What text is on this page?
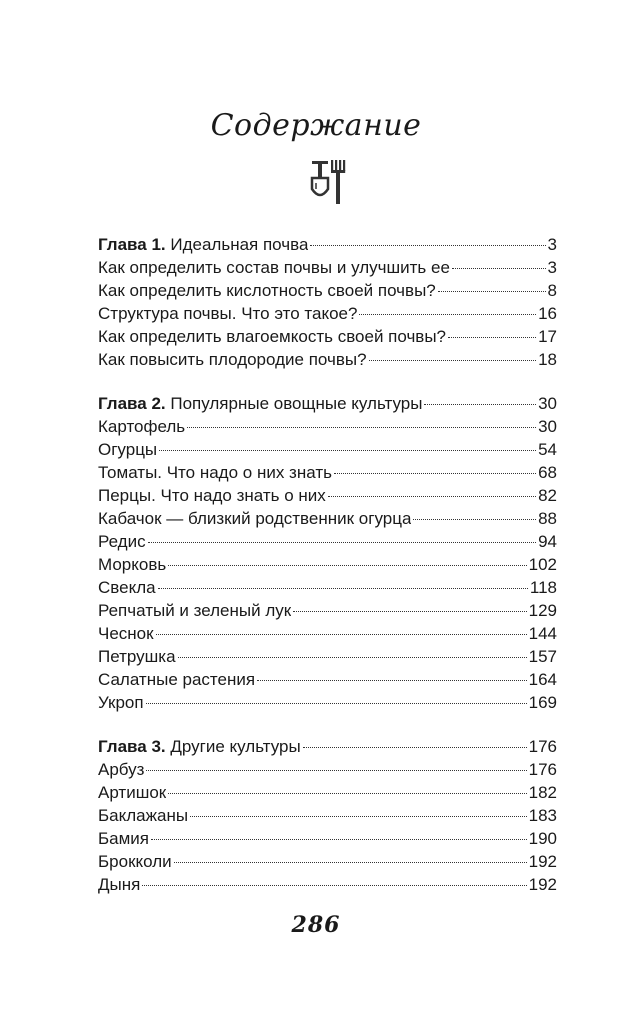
Содержание
Глава 1. Идеальная почва	3
Как определить состав почвы и улучшить ее	3
Как определить кислотность своей почвы?	8
Структура почвы. Что это такое?	16
Как определить влагоемкость своей почвы?	17
Как повысить плодородие почвы?	18
Глава 2. Популярные овощные культуры	30
Картофель	30
Огурцы	54
Томаты. Что надо о них знать	68
Перцы. Что надо знать о них	82
Кабачок — близкий родственник огурца	88
Редис	94
Морковь	102
Свекла	118
Репчатый и зеленый лук	129
Чеснок	144
Петрушка	157
Салатные растения	164
Укроп	169
Глава 3. Другие культуры	176
Арбуз	176
Артишок	182
Баклажаны	183
Бамия	190
Брокколи	192
Дыня	192
286
